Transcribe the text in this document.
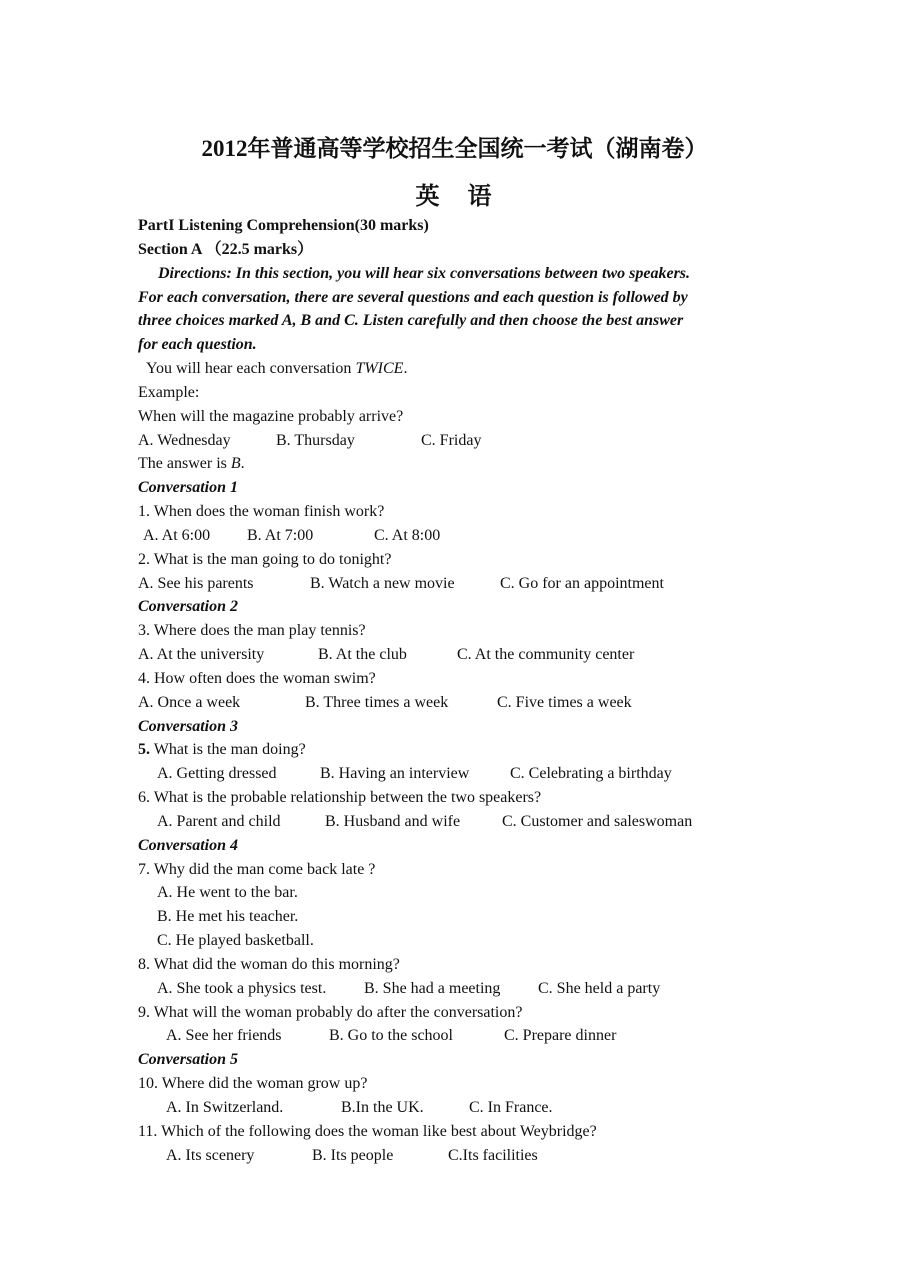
2012年普通高等学校招生全国统一考试（湖南卷）
英　语
PartI Listening Comprehension(30 marks)
Section A （22.5 marks）
Directions: In this section, you will hear six conversations between two speakers.
For each conversation, there are several questions and each question is followed by
three choices marked A, B and C. Listen carefully and then choose the best answer
for each question.
You will hear each conversation TWICE.
Example:
When will the magazine probably arrive?
A. Wednesday	B. Thursday	C. Friday
The answer is B.
Conversation 1
1. When does the woman finish work?
A. At 6:00 B. At 7:00	C. At 8:00
2. What is the man going to do tonight?
A. See his parents	B. Watch a new movie	C. Go for an appointment
Conversation 2
3. Where does the man play tennis?
A. At the university	B. At the club	C. At the community center
4. How often does the woman swim?
A. Once a week	B. Three times a week	C. Five times a week
Conversation 3
5. What is the man doing?
A. Getting dressed	B. Having an interview	C. Celebrating a birthday
6. What is the probable relationship between the two speakers?
A. Parent and child	B. Husband and wife	C. Customer and saleswoman
Conversation 4
7. Why did the man come back late ?
A. He went to the bar.
B. He met his teacher.
C. He played basketball.
8. What did the woman do this morning?
A. She took a physics test. B. She had a meeting C. She held a party
9. What will the woman probably do after the conversation?
A. See her friends	B. Go to the school	C. Prepare dinner
Conversation 5
10. Where did the woman grow up?
A. In Switzerland.	B.In the UK.	C. In France.
11. Which of the following does the woman like best about Weybridge?
A. Its scenery	B. Its people	C.Its facilities
